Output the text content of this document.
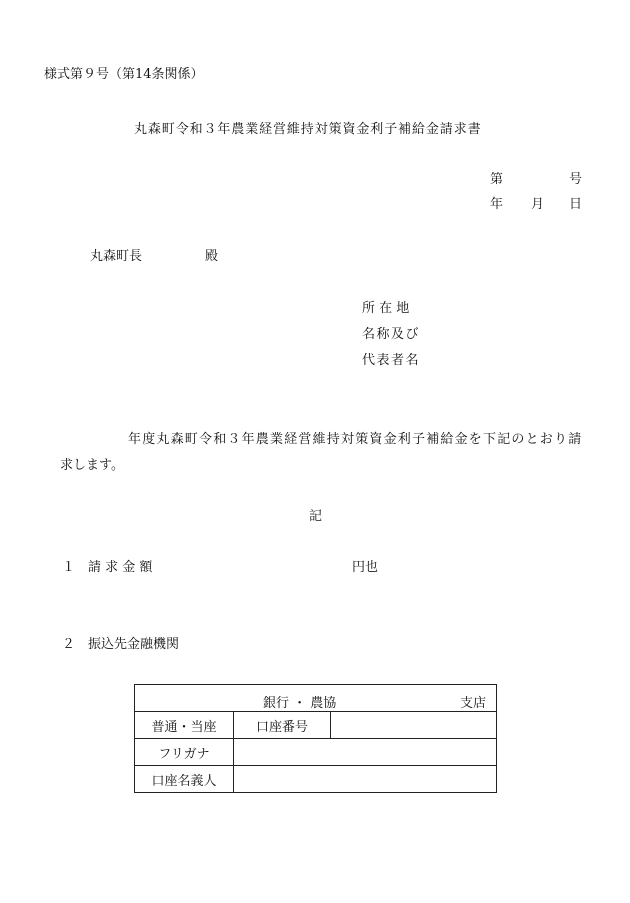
様式第９号（第14条関係）
丸森町令和３年農業経営維持対策資金利子補給金請求書
第	号
年 月 日
丸森町長	殿
所 在 地
名称及び
代表者名
年度丸森町令和３年農業経営維持対策資金利子補給金を下記のとおり請
求します。
記
１ 請 求 金 額	円也
２ 振込先金融機関
銀行 ・ 農協 支店		

普通・当座	口座番号	
フリガナ		
口座名義人		
